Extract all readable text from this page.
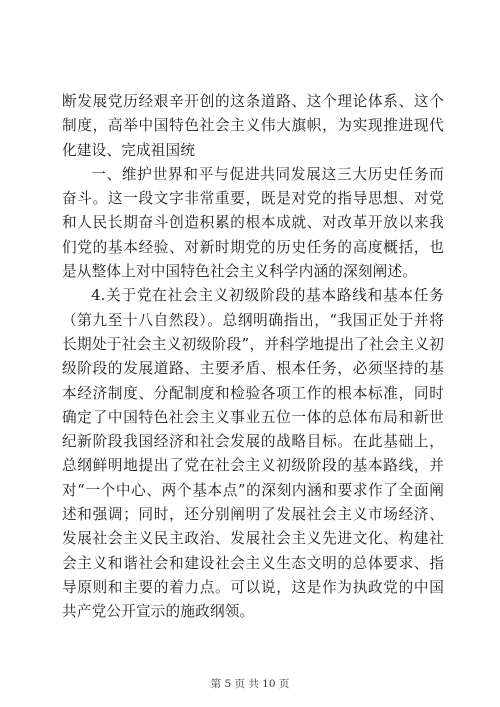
断发展党历经艰辛开创的这条道路、这个理论体系、这个制度，高举中国特色社会主义伟大旗帜，为实现推进现代化建设、完成祖国统

一、维护世界和平与促进共同发展这三大历史任务而奋斗。这一段文字非常重要，既是对党的指导思想、对党和人民长期奋斗创造积累的根本成就、对改革开放以来我们党的基本经验、对新时期党的历史任务的高度概括，也是从整体上对中国特色社会主义科学内涵的深刻阐述。

4.关于党在社会主义初级阶段的基本路线和基本任务（第九至十八自然段）。总纲明确指出，“我国正处于并将长期处于社会主义初级阶段”，并科学地提出了社会主义初级阶段的发展道路、主要矛盾、根本任务，必须坚持的基本经济制度、分配制度和检验各项工作的根本标准，同时确定了中国特色社会主义事业五位一体的总体布局和新世纪新阶段我国经济和社会发展的战略目标。在此基础上，总纲鲜明地提出了党在社会主义初级阶段的基本路线，并对“一个中心、两个基本点”的深刻内涵和要求作了全面阐述和强调；同时，还分别阐明了发展社会主义市场经济、发展社会主义民主政治、发展社会主义先进文化、构建社会主义和谐社会和建设社会主义生态文明的总体要求、指导原则和主要的着力点。可以说，这是作为执政党的中国共产党公开宣示的施政纲领。

第 5 页 共 10 页
